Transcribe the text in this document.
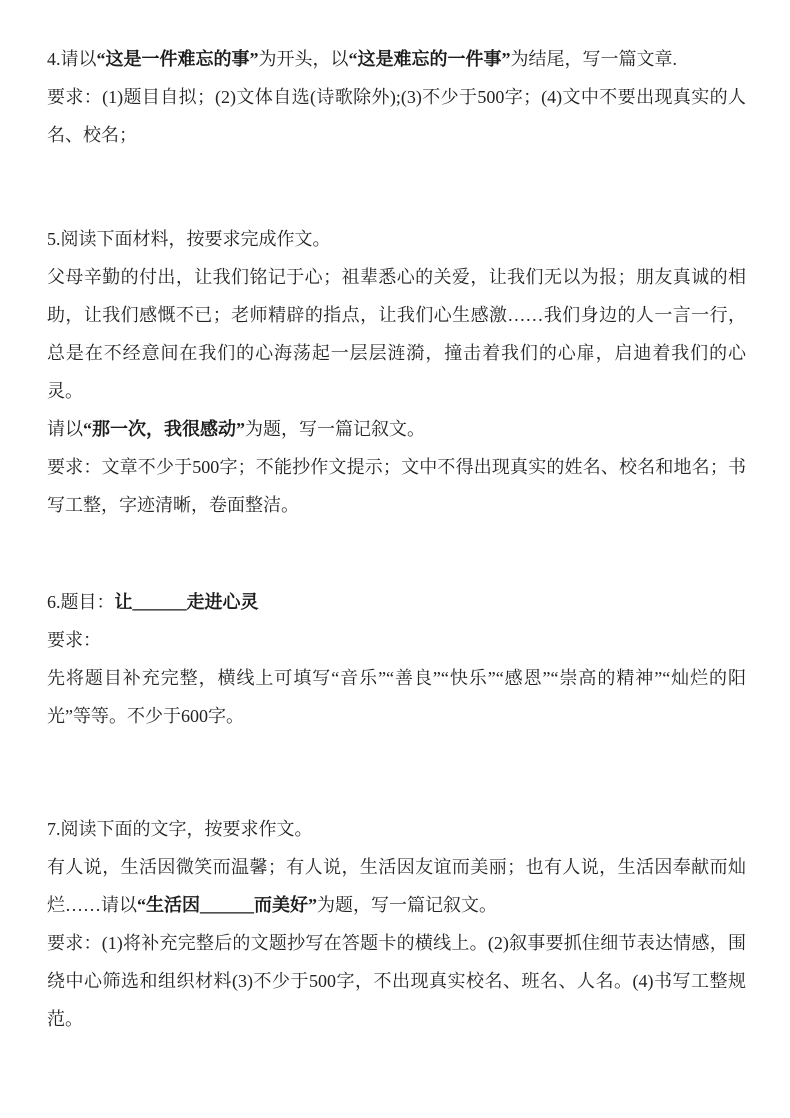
4.请以“这是一件难忘的事”为开头，以“这是难忘的一件事”为结尾，写一篇文章.

要求：(1)题目自拟；(2)文体自选(诗歌除外);(3)不少于500字；(4)文中不要出现真实的人名、校名；

5.阅读下面材料，按要求完成作文。

父母辛勤的付出，让我们铭记于心；祖辈悉心的关爱，让我们无以为报；朋友真诚的相助，让我们感慨不已；老师精辟的指点，让我们心生感激……我们身边的人一言一行，总是在不经意间在我们的心海荡起一层层涟漪，撞击着我们的心扉，启迪着我们的心灵。

请以“那一次，我很感动”为题，写一篇记叙文。

要求：文章不少于500字；不能抄作文提示；文中不得出现真实的姓名、校名和地名；书写工整，字迹清晰，卷面整洁。

6.题目：让______走进心灵

要求：

先将题目补充完整，横线上可填写“音乐”“善良”“快乐”“感恩”“崇高的精神”“灿烂的阳光”等等。不少于600字。

7.阅读下面的文字，按要求作文。

有人说，生活因微笑而温馨；有人说，生活因友谊而美丽；也有人说，生活因奉献而灿烂……请以“生活因______而美好”为题，写一篇记叙文。

要求：(1)将补充完整后的文题抄写在答题卡的横线上。(2)叙事要抓住细节表达情感，围绕中心筛选和组织材料(3)不少于500字，不出现真实校名、班名、人名。(4)书写工整规范。
